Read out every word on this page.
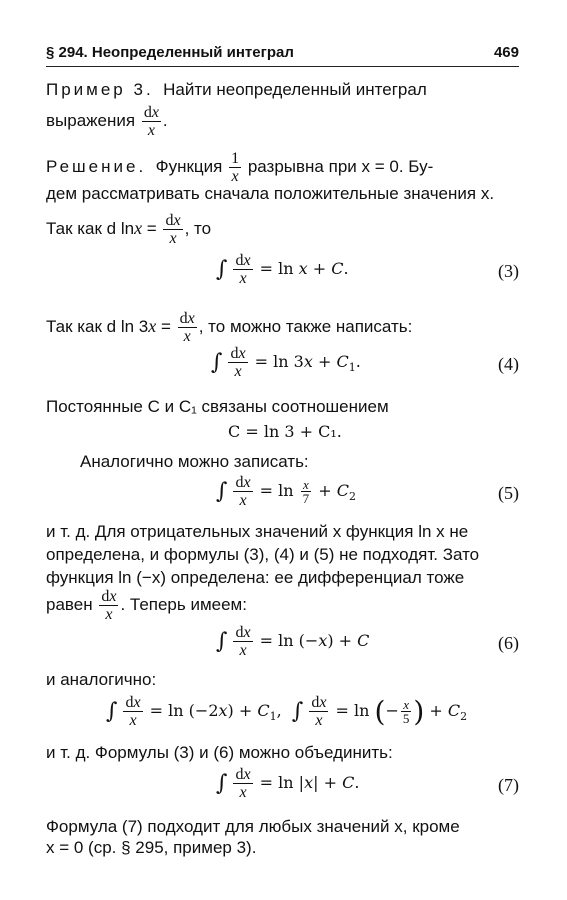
§ 294. Неопределенный интеграл	469
Пример 3. Найти неопределенный интеграл
выражения $\frac{dx}{x}$ .
Решение. Функция $\frac{1}{x}$ разрывна при x = 0. Бу-
дем рассматривать сначала положительные значения x.
Так как d $\ln x = \frac{dx}{x}$ , то
∫ $\frac{dx}{x} = \ln x + C$.	(3)
Так как d $\ln 3x = \frac{dx}{x}$ , то можно также написать:
∫ $\frac{dx}{x} = \ln 3x + C_1$.	(4)
Постоянные C и C₁ связаны соотношением
C = ln 3 + C₁.
Аналогично можно записать:
∫ $\frac{dx}{x} = \ln \frac{x}{7} + C_2$	(5)
и т. д. Для отрицательных значений x функция ln x не
определена, и формулы (3), (4) и (5) не подходят. Зато
функция ln (−x) определена: ее дифференциал тоже
равен $\frac{dx}{x}$ . Теперь имеем:
∫ $\frac{dx}{x} = \ln (-x) + C$	(6)
и аналогично:
∫ $\frac{dx}{x} = \ln (-2x) + C_1$,  ∫ $\frac{dx}{x} = \ln$ (− $\frac{x}{5}$ ) + $C_2$
и т. д. Формулы (3) и (6) можно объединить:
∫ $\frac{dx}{x} = \ln |x| + C$.	(7)
Формула (7) подходит для любых значений x, кроме
x = 0 (ср. § 295, пример 3).
